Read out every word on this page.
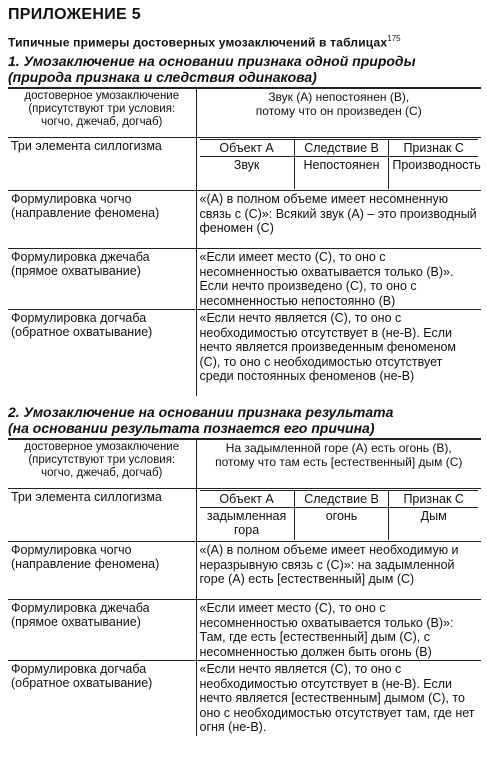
ПРИЛОЖЕНИЕ 5
Типичные примеры достоверных умозаключений в таблицах$^{175}$
1. Умозаключение на основании признака одной природы
(природа признака и следствия одинакова)
достоверное умозаключение (присутствуют три условия: чогчо, джечаб, догчаб)	
Звук (А) непостоянен (В),
потому что он произведен (С)

Три элемента силлогизма		Объект А	Следствие В	Признак С
Звук	Непостоянен	Производность

Формулировка чогчо (направление феномена)	«(А) в полном объеме имеет несомненную связь с (С)»: Всякий звук (А) – это производный феномен (С)
Формулировка джечаба (прямое охватывание)	«Если имеет место (С), то оно с несомненностью охватывается только (В)». Если нечто произведено (С), то оно с несомненностью непостоянно (В)
Формулировка догчаба (обратное охватывание)	«Если нечто является (С), то оно с необходимостью отсутствует в (не-В). Если нечто является произведенным феноменом (С), то оно с необходимостью отсутствует среди постоянных феноменов (не-В)
2. Умозаключение на основании признака результата
(на основании результата познается его причина)
достоверное умозаключение (присутствуют три условия: чогчо, джечаб, догчаб)	
На задымленной горе (А) есть огонь (В),
потому что там есть [естественный] дым (С)

Три элемента силлогизма		Объект А	Следствие В	Признак С
задымленная гора	огонь	Дым

Формулировка чогчо (направление феномена)	«(А) в полном объеме имеет необходимую и неразрывную связь с (С)»: на задымленной горе (А) есть [естественный] дым (С)
Формулировка джечаба (прямое охватывание)	«Если имеет место (С), то оно с несомненностью охватывается только (В)»: Там, где есть [естественный] дым (С), с несомненностью должен быть огонь (В)
Формулировка догчаба (обратное охватывание)	«Если нечто является (С), то оно с необходимостью отсутствует в (не-В). Если нечто является [естественным] дымом (С), то оно с необходимостью отсутствует там, где нет огня (не-В).
